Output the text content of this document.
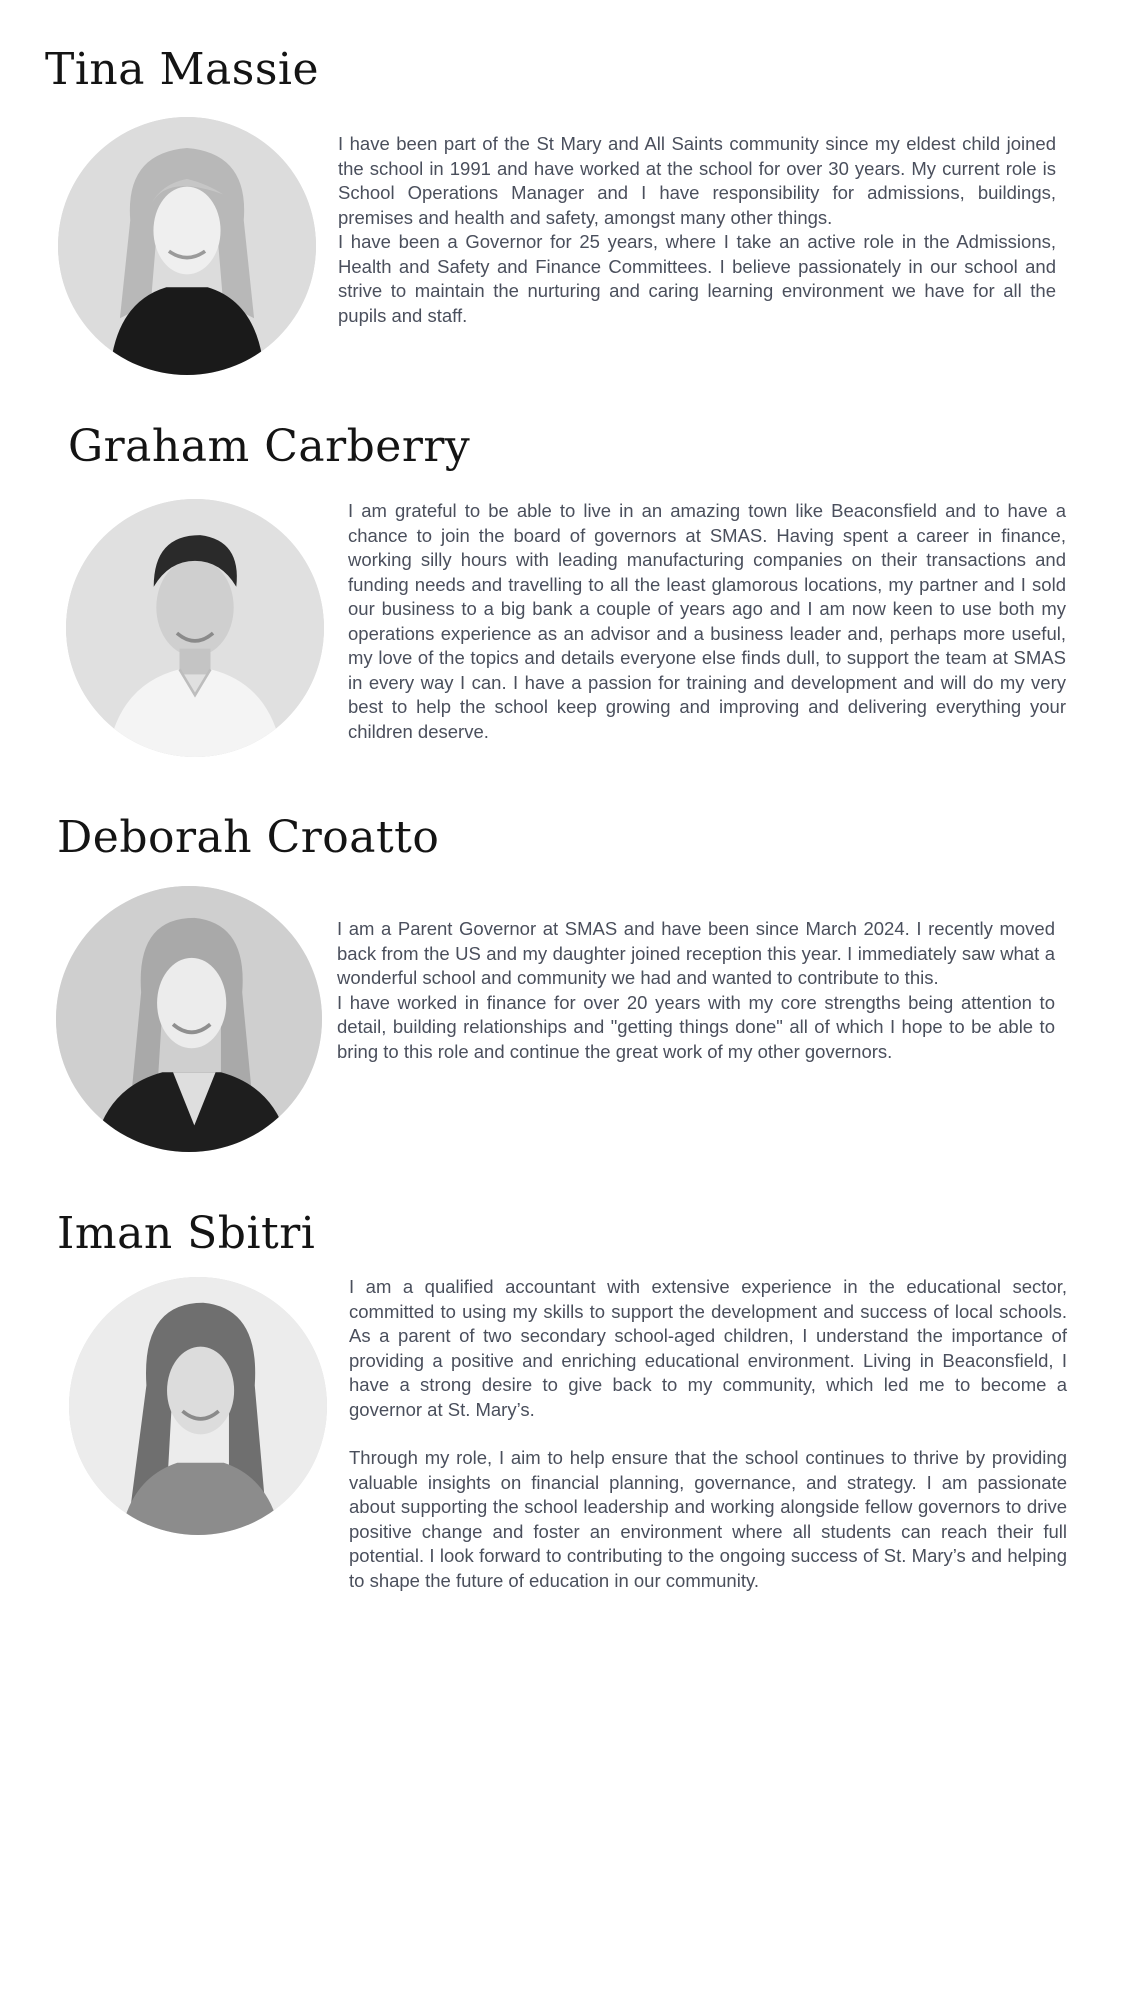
Tina Massie

I have been part of the St Mary and All Saints community since my eldest child joined the school in 1991 and have worked at the school for over 30 years. My current role is School Operations Manager and I have responsibility for admissions, buildings, premises and health and safety, amongst many other things.

I have been a Governor for 25 years, where I take an active role in the Admissions, Health and Safety and Finance Committees. I believe passionately in our school and strive to maintain the nurturing and caring learning environment we have for all the pupils and staff.

Graham Carberry

I am grateful to be able to live in an amazing town like Beaconsfield and to have a chance to join the board of governors at SMAS. Having spent a career in finance, working silly hours with leading manufacturing companies on their transactions and funding needs and travelling to all the least glamorous locations, my partner and I sold our business to a big bank a couple of years ago and I am now keen to use both my operations experience as an advisor and a business leader and, perhaps more useful, my love of the topics and details everyone else finds dull, to support the team at SMAS in every way I can. I have a passion for training and development and will do my very best to help the school keep growing and improving and delivering everything your children deserve.

Deborah Croatto

I am a Parent Governor at SMAS and have been since March 2024. I recently moved back from the US and my daughter joined reception this year. I immediately saw what a wonderful school and community we had and wanted to contribute to this.

I have worked in finance for over 20 years with my core strengths being attention to detail, building relationships and "getting things done" all of which I hope to be able to bring to this role and continue the great work of my other governors.

Iman Sbitri

I am a qualified accountant with extensive experience in the educational sector, committed to using my skills to support the development and success of local schools. As a parent of two secondary school-aged children, I understand the importance of providing a positive and enriching educational environment. Living in Beaconsfield, I have a strong desire to give back to my community, which led me to become a governor at St. Mary’s.

Through my role, I aim to help ensure that the school continues to thrive by providing valuable insights on financial planning, governance, and strategy. I am passionate about supporting the school leadership and working alongside fellow governors to drive positive change and foster an environment where all students can reach their full potential. I look forward to contributing to the ongoing success of St. Mary’s and helping to shape the future of education in our community.
